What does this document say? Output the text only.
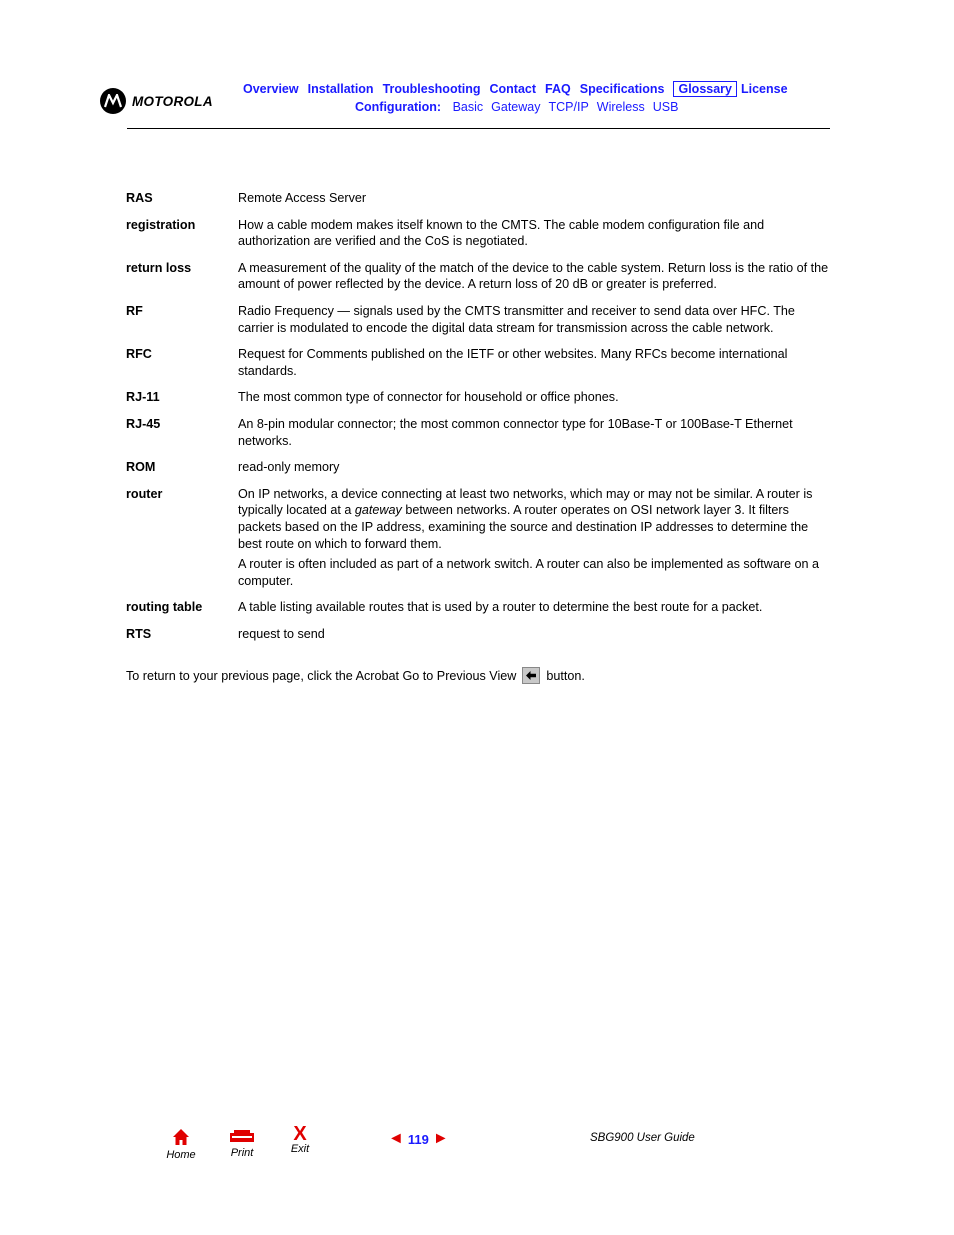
MOTOROLA
Overview Installation Troubleshooting Contact FAQ Specifications Glossary License
Configuration: Basic Gateway TCP/IP Wireless USB
RAS	Remote Access Server

registration	How a cable modem makes itself known to the CMTS. The cable modem configuration file and authorization are verified and the CoS is negotiated.

return loss	A measurement of the quality of the match of the device to the cable system. Return loss is the ratio of the amount of power reflected by the device. A return loss of 20 dB or greater is preferred.

RF	Radio Frequency — signals used by the CMTS transmitter and receiver to send data over HFC. The carrier is modulated to encode the digital data stream for transmission across the cable network.

RFC	Request for Comments published on the IETF or other websites. Many RFCs become international standards.

RJ-11	The most common type of connector for household or office phones.

RJ-45	An 8-pin modular connector; the most common connector type for 10Base-T or 100Base-T Ethernet networks.

ROM	read-only memory

router	On IP networks, a device connecting at least two networks, which may or may not be similar. A router is typically located at a gateway between networks. A router operates on OSI network layer 3. It filters packets based on the IP address, examining the source and destination IP addresses to determine the best route on which to forward them.

A router is often included as part of a network switch. A router can also be implemented as software on a computer.

routing table	A table listing available routes that is used by a router to determine the best route for a packet.

RTS	request to send

To return to your previous page, click the Acrobat Go to Previous View button.
Home	Print
X
Exit
◄ 119 ►	SBG900 User Guide
